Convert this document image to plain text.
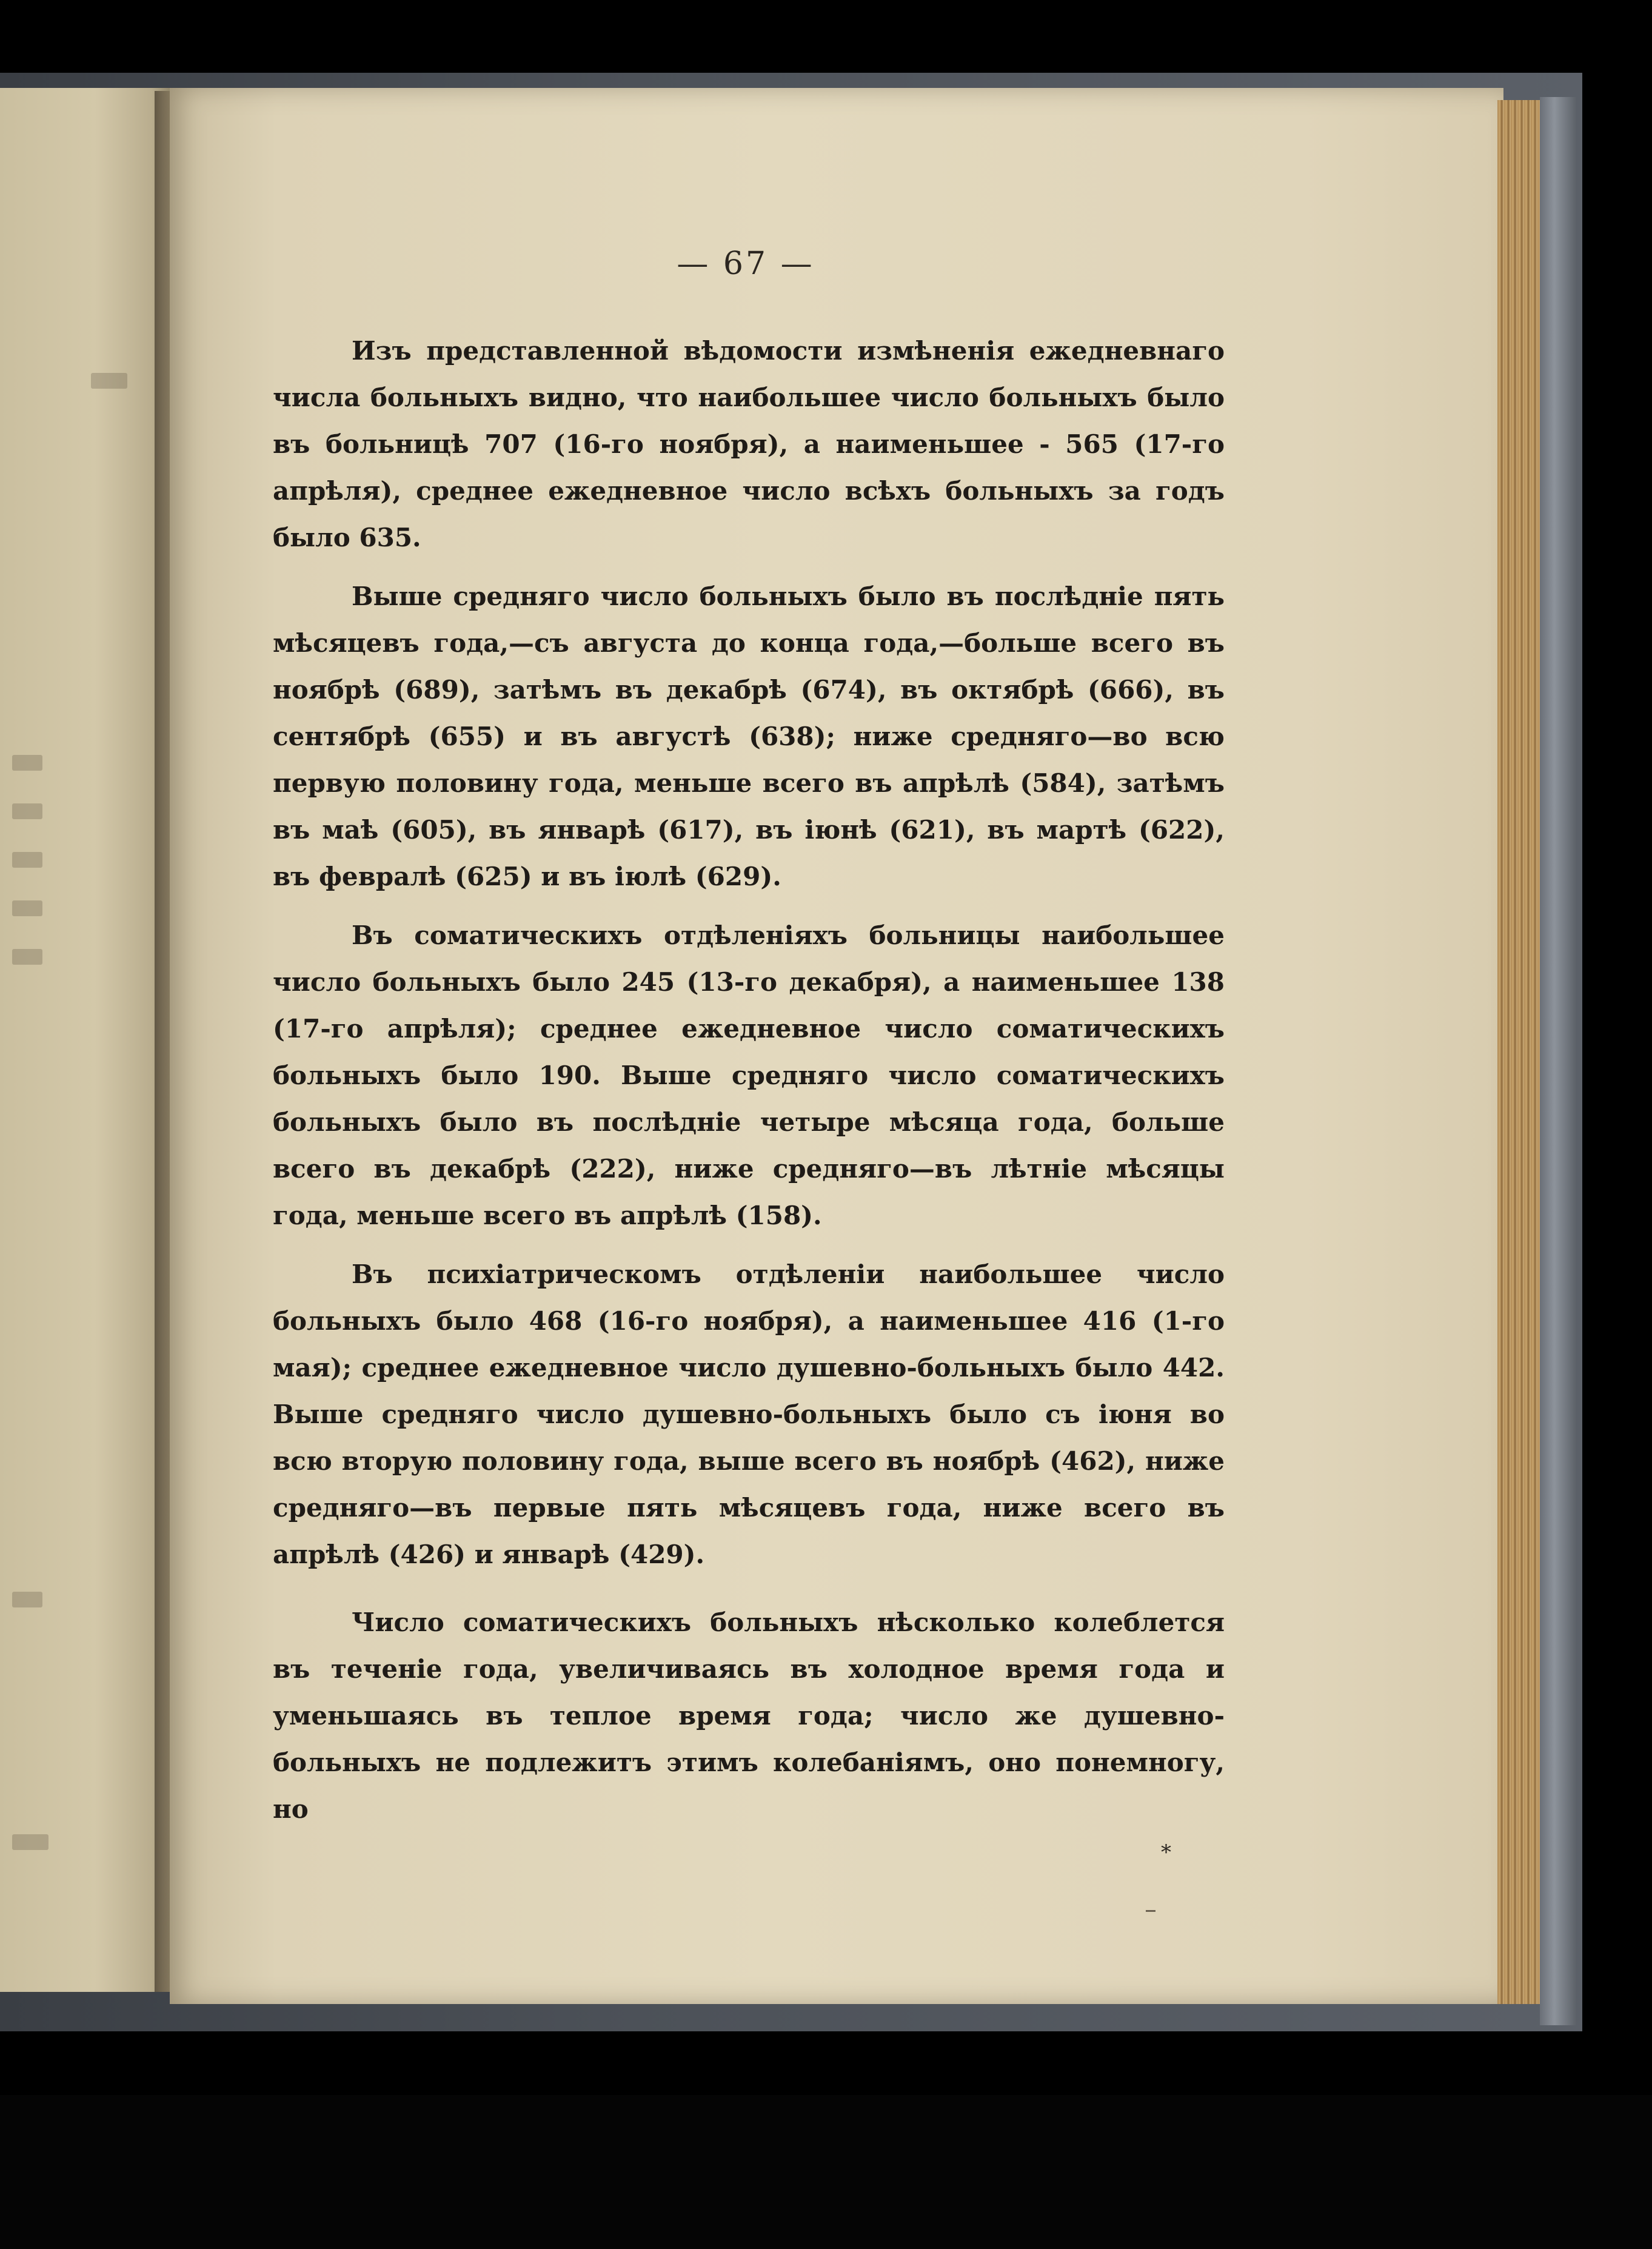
— 67 —

Изъ представленной вѣдомости измѣненія ежедневнаго числа больныхъ видно, что наибольшее число больныхъ было въ больницѣ 707 (16-го ноября), а наименьшее - 565 (17-го апрѣля), среднее ежедневное число всѣхъ больныхъ за годъ было 635.

Выше средняго число больныхъ было въ послѣдніе пять мѣсяцевъ года,—съ августа до конца года,—больше всего въ ноябрѣ (689), затѣмъ въ декабрѣ (674), въ октябрѣ (666), въ сентябрѣ (655) и въ августѣ (638); ниже средняго—во всю первую половину года, меньше всего въ апрѣлѣ (584), затѣмъ въ маѣ (605), въ январѣ (617), въ іюнѣ (621), въ мартѣ (622), въ февралѣ (625) и въ іюлѣ (629).

Въ соматическихъ отдѣленіяхъ больницы наибольшее число больныхъ было 245 (13-го декабря), а наименьшее 138 (17-го апрѣля); среднее ежедневное число соматическихъ больныхъ было 190. Выше средняго число соматическихъ больныхъ было въ послѣдніе четыре мѣсяца года, больше всего въ декабрѣ (222), ниже средняго—въ лѣтніе мѣсяцы года, меньше всего въ апрѣлѣ (158).

Въ психіатрическомъ отдѣленіи наибольшее число больныхъ было 468 (16-го ноября), а наименьшее 416 (1-го мая); среднее ежедневное число душевно-больныхъ было 442. Выше средняго число душевно-больныхъ было съ іюня во всю вторую половину года, выше всего въ ноябрѣ (462), ниже средняго—въ первые пять мѣсяцевъ года, ниже всего въ апрѣлѣ (426) и январѣ (429).

Число соматическихъ больныхъ нѣсколько колеблется въ теченіе года, увеличиваясь въ холодное время года и уменьшаясь въ теплое время года; число же душевно-больныхъ не подлежитъ этимъ колебаніямъ, оно понемногу, но

*
